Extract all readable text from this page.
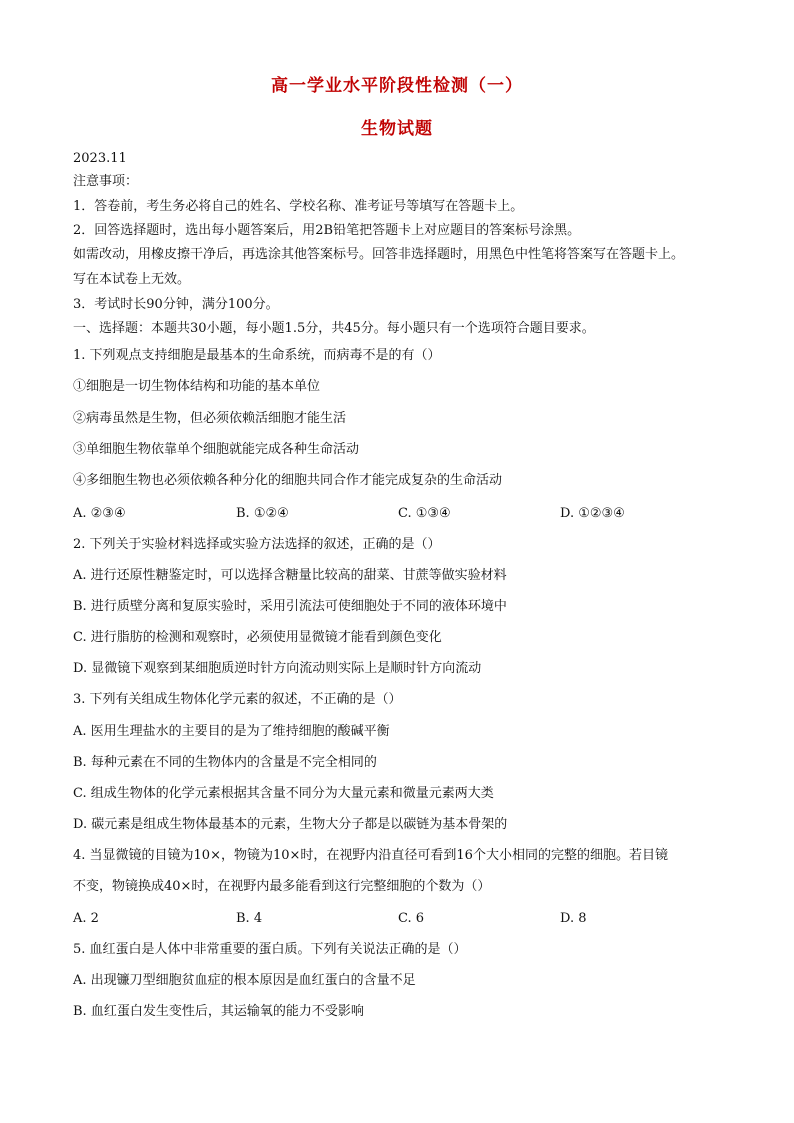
高一学业水平阶段性检测（一）
生物试题
2023.11
注意事项：
1．答卷前，考生务必将自己的姓名、学校名称、准考证号等填写在答题卡上。
2．回答选择题时，选出每小题答案后，用2B铅笔把答题卡上对应题目的答案标号涂黑。
如需改动，用橡皮擦干净后，再选涂其他答案标号。回答非选择题时，用黑色中性笔将答案写在答题卡上。
写在本试卷上无效。
3．考试时长90分钟，满分100分。
一、选择题：本题共30小题，每小题1.5分，共45分。每小题只有一个选项符合题目要求。
1. 下列观点支持细胞是最基本的生命系统，而病毒不是的有（）
①细胞是一切生物体结构和功能的基本单位
②病毒虽然是生物，但必须依赖活细胞才能生活
③单细胞生物依靠单个细胞就能完成各种生命活动
④多细胞生物也必须依赖各种分化的细胞共同合作才能完成复杂的生命活动
A. ②③④	B. ①②④	C. ①③④	D. ①②③④
2. 下列关于实验材料选择或实验方法选择的叙述，正确的是（）
A. 进行还原性糖鉴定时，可以选择含糖量比较高的甜菜、甘蔗等做实验材料
B. 进行质壁分离和复原实验时，采用引流法可使细胞处于不同的液体环境中
C. 进行脂肪的检测和观察时，必须使用显微镜才能看到颜色变化
D. 显微镜下观察到某细胞质逆时针方向流动则实际上是顺时针方向流动
3. 下列有关组成生物体化学元素的叙述，不正确的是（）
A. 医用生理盐水的主要目的是为了维持细胞的酸碱平衡
B. 每种元素在不同的生物体内的含量是不完全相同的
C. 组成生物体的化学元素根据其含量不同分为大量元素和微量元素两大类
D. 碳元素是组成生物体最基本的元素，生物大分子都是以碳链为基本骨架的
4. 当显微镜的目镜为10×，物镜为10×时，在视野内沿直径可看到16个大小相同的完整的细胞。若目镜
不变，物镜换成40×时，在视野内最多能看到这行完整细胞的个数为（）
A. 2	B. 4	C. 6	D. 8
5. 血红蛋白是人体中非常重要的蛋白质。下列有关说法正确的是（）
A. 出现镰刀型细胞贫血症的根本原因是血红蛋白的含量不足
B. 血红蛋白发生变性后，其运输氧的能力不受影响
